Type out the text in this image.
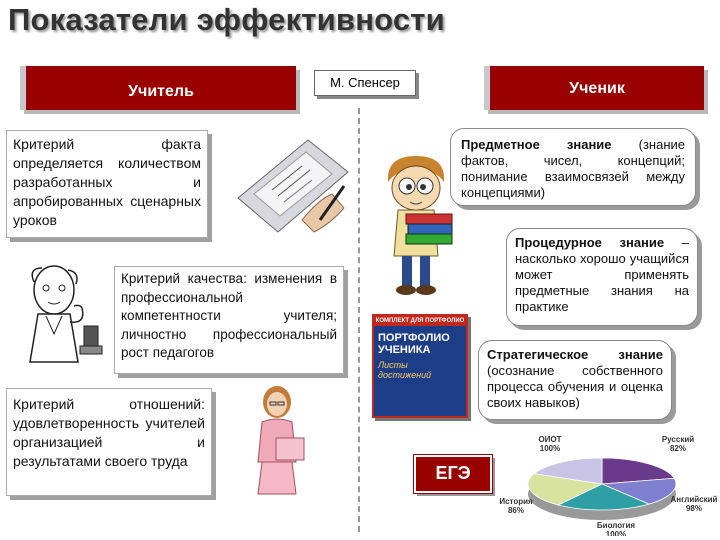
Показатели эффективности
Учитель
М. Спенсер	Ученик
Критерий факта определяется количеством разработанных и апробированных сценарных уроков
Критерий качества: изменения в профессиональной компетентности учителя; личностно профессиональный рост педагогов
Критерий отношений: удовлетворенность учителей организацией и результатами своего труда
Предметное знание (знание фактов, чисел, концепций; понимание взаимосвязей между концепциями)
Процедурное знание – насколько хорошо учащийся может применять предметные знания на практике
КОМПЛЕКТ ДЛЯ ПОРТФОЛИО
ПОРТФОЛИО УЧЕНИКА
Листы достижений
Стратегическое знание (осознание собственного процесса обучения и оценка своих навыков)
ЕГЭ
ОИОТ 100%
Русский 82%
Английский 98%
Биология 100%
История 86%
